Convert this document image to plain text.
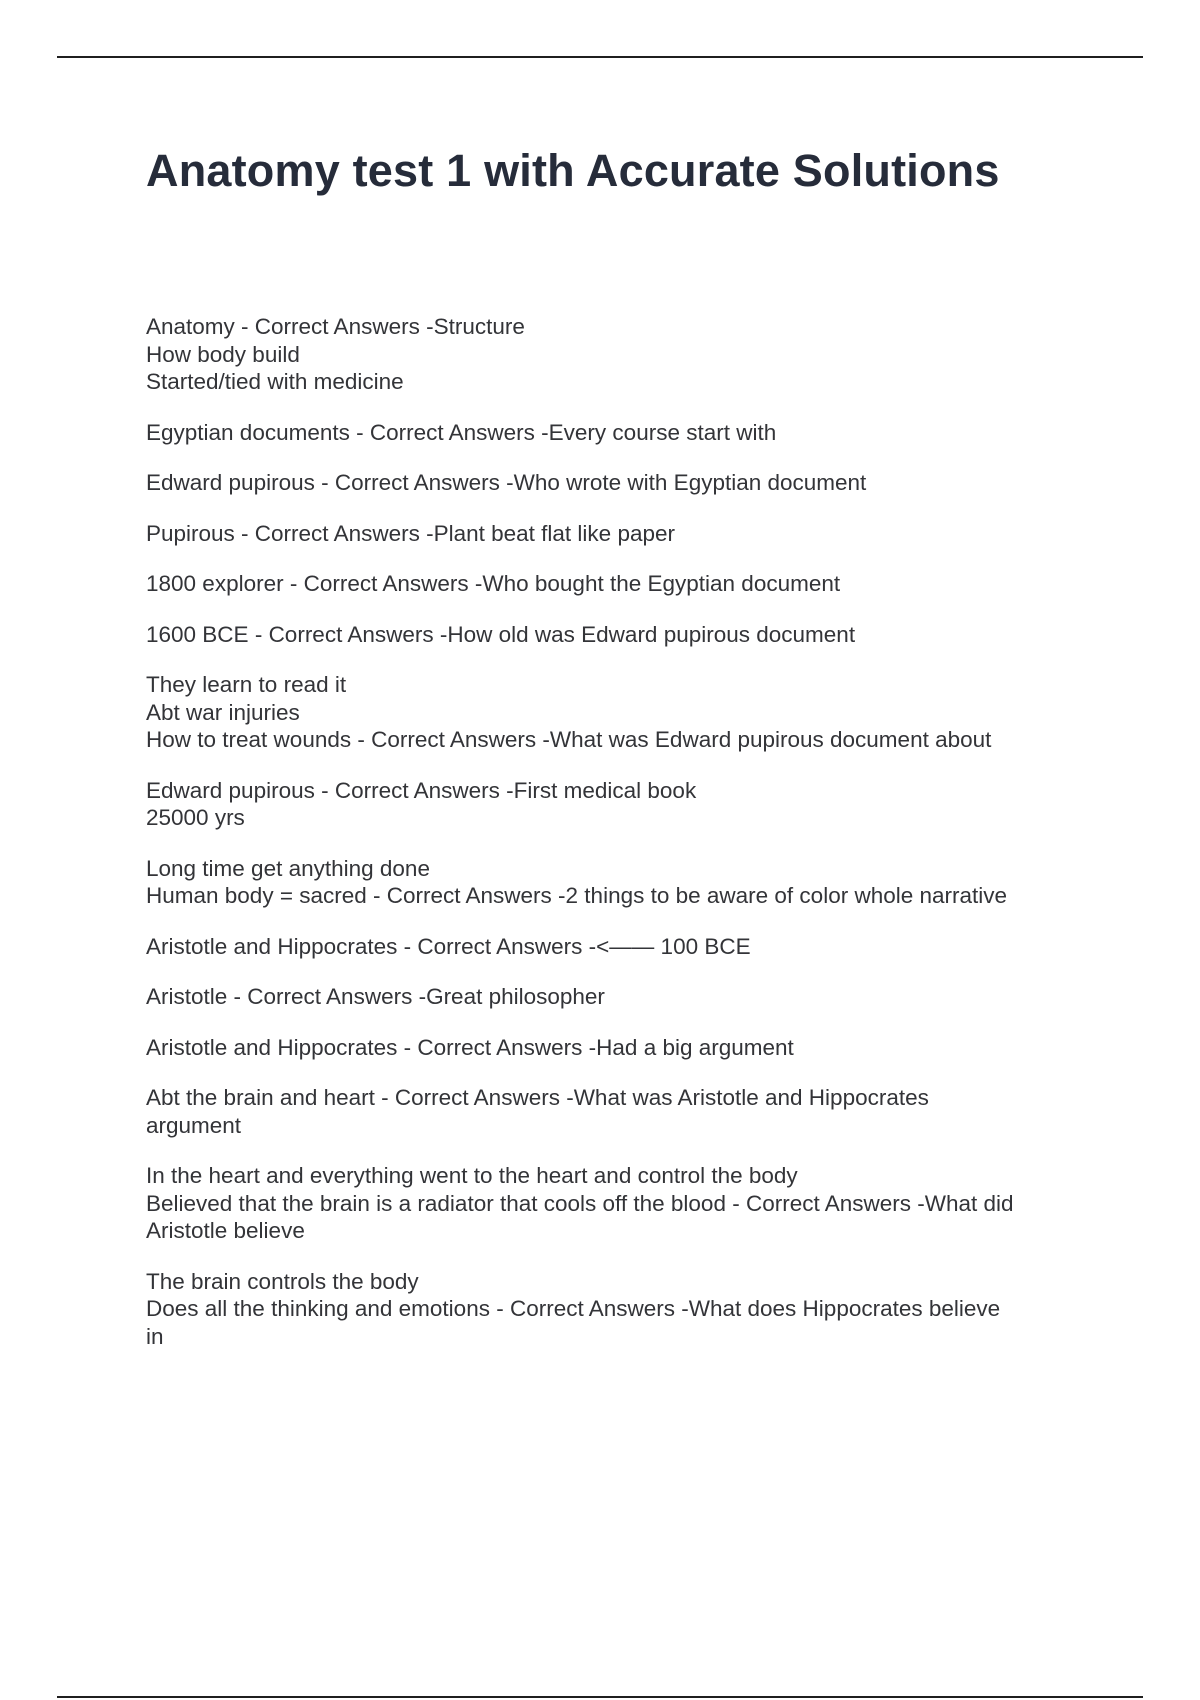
Anatomy test 1 with Accurate Solutions
Anatomy - Correct Answers -Structure
How body build
Started/tied with medicine
Egyptian documents - Correct Answers -Every course start with
Edward pupirous - Correct Answers -Who wrote with Egyptian document
Pupirous - Correct Answers -Plant beat flat like paper
1800 explorer - Correct Answers -Who bought the Egyptian document
1600 BCE - Correct Answers -How old was Edward pupirous document
They learn to read it
Abt war injuries
How to treat wounds - Correct Answers -What was Edward pupirous document about
Edward pupirous - Correct Answers -First medical book
25000 yrs
Long time get anything done
Human body = sacred - Correct Answers -2 things to be aware of color whole narrative
Aristotle and Hippocrates - Correct Answers -<—— 100 BCE
Aristotle - Correct Answers -Great philosopher
Aristotle and Hippocrates - Correct Answers -Had a big argument
Abt the brain and heart - Correct Answers -What was Aristotle and Hippocrates
argument
In the heart and everything went to the heart and control the body
Believed that the brain is a radiator that cools off the blood - Correct Answers -What did
Aristotle believe
The brain controls the body
Does all the thinking and emotions - Correct Answers -What does Hippocrates believe
in
